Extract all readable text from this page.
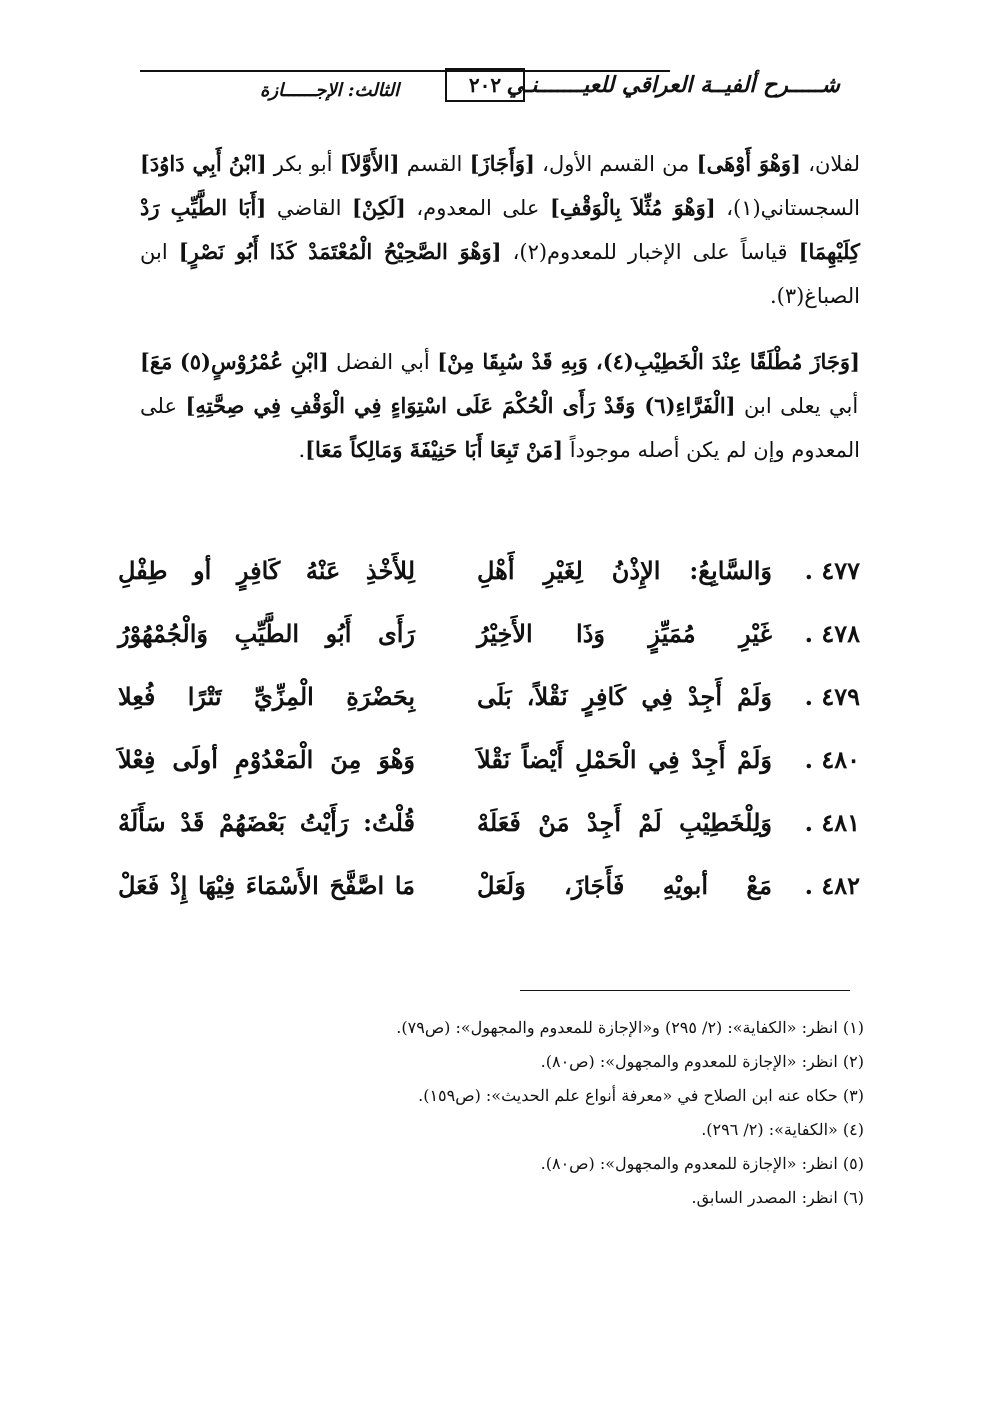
شـــــرح ألفيــة العراقي للعيـــــــنـي
٢٠٢
الثالث: الإجــــــازة

لفلان، [وَهْوَ أَوْهَى] من القسم الأول، [وَأَجَازَ] القسم [الأَوَّلاَ] أبو بكر [ابْنُ أَبِي دَاوُدَ] السجستاني(١)، [وَهْوَ مُثِّلاَ بِالْوَقْفِ] على المعدوم، [لَكِنْ] القاضي [أَبَا الطَّيِّبِ رَدْ كِلَيْهِمَا] قياساً على الإخبار للمعدوم(٢)، [وَهْوَ الصَّحِيْحُ الْمُعْتَمَدْ كَذَا أَبُو نَصْرٍ] ابن الصباغ(٣).

[وَجَازَ مُطْلَقًا عِنْدَ الْخَطِيْبِ(٤)، وَبِهِ قَدْ سُبِقَا مِنْ] أبي الفضل [ابْنِ عُمْرُوْسٍ(٥) مَعَ] أبي يعلى ابن [الْفَرَّاءِ(٦) وَقَدْ رَأَى الْحُكْمَ عَلَى اسْتِوَاءٍ فِي الْوَقْفِ فِي صِحَّتِهِ] على المعدوم وإن لم يكن أصله موجوداً [مَنْ تَبِعَا أَبَا حَنِيْفَةَ وَمَالِكاً مَعَا].

٤٧٧ .
وَالسَّابِعُ: الإِذْنُ لِغَيْرِ أَهْلِ
لِلأَخْذِ عَنْهُ كَافِرٍ أو طِفْلِ
٤٧٨ .
غَيْرِ مُمَيِّزٍ وَذَا الأَخِيْرُ
رَأَى أَبُو الطَّيِّبِ وَالْجُمْهُوْرُ
٤٧٩ .
وَلَمْ أَجِدْ فِي كَافِرٍ نَقْلاً، بَلَى
بِحَضْرَةِ الْمِزِّيِّ تَتْرًا فُعِلا
٤٨٠ .
وَلَمْ أَجِدْ فِي الْحَمْلِ أَيْضاً نَقْلاَ
وَهْوَ مِنَ الْمَعْدُوْمِ أولَى فِعْلاَ
٤٨١ .
وَلِلْخَطِيْبِ لَمْ أَجِدْ مَنْ فَعَلَهْ
قُلْتُ: رَأَيْتُ بَعْضَهُمْ قَدْ سَأَلَهْ
٤٨٢ .
مَعْ أبويْهِ فَأَجَازَ، وَلَعَلْ
مَا اصَّفَّحَ الأَسْمَاءَ فِيْهَا إِذْ فَعَلْ
(١) انظر: «الكفاية»: (٢/ ٢٩٥) و«الإجازة للمعدوم والمجهول»: (ص٧٩).
(٢) انظر: «الإجازة للمعدوم والمجهول»: (ص٨٠).
(٣) حكاه عنه ابن الصلاح في «معرفة أنواع علم الحديث»: (ص١٥٩).
(٤) «الكفاية»: (٢/ ٢٩٦).
(٥) انظر: «الإجازة للمعدوم والمجهول»: (ص٨٠).
(٦) انظر: المصدر السابق.
